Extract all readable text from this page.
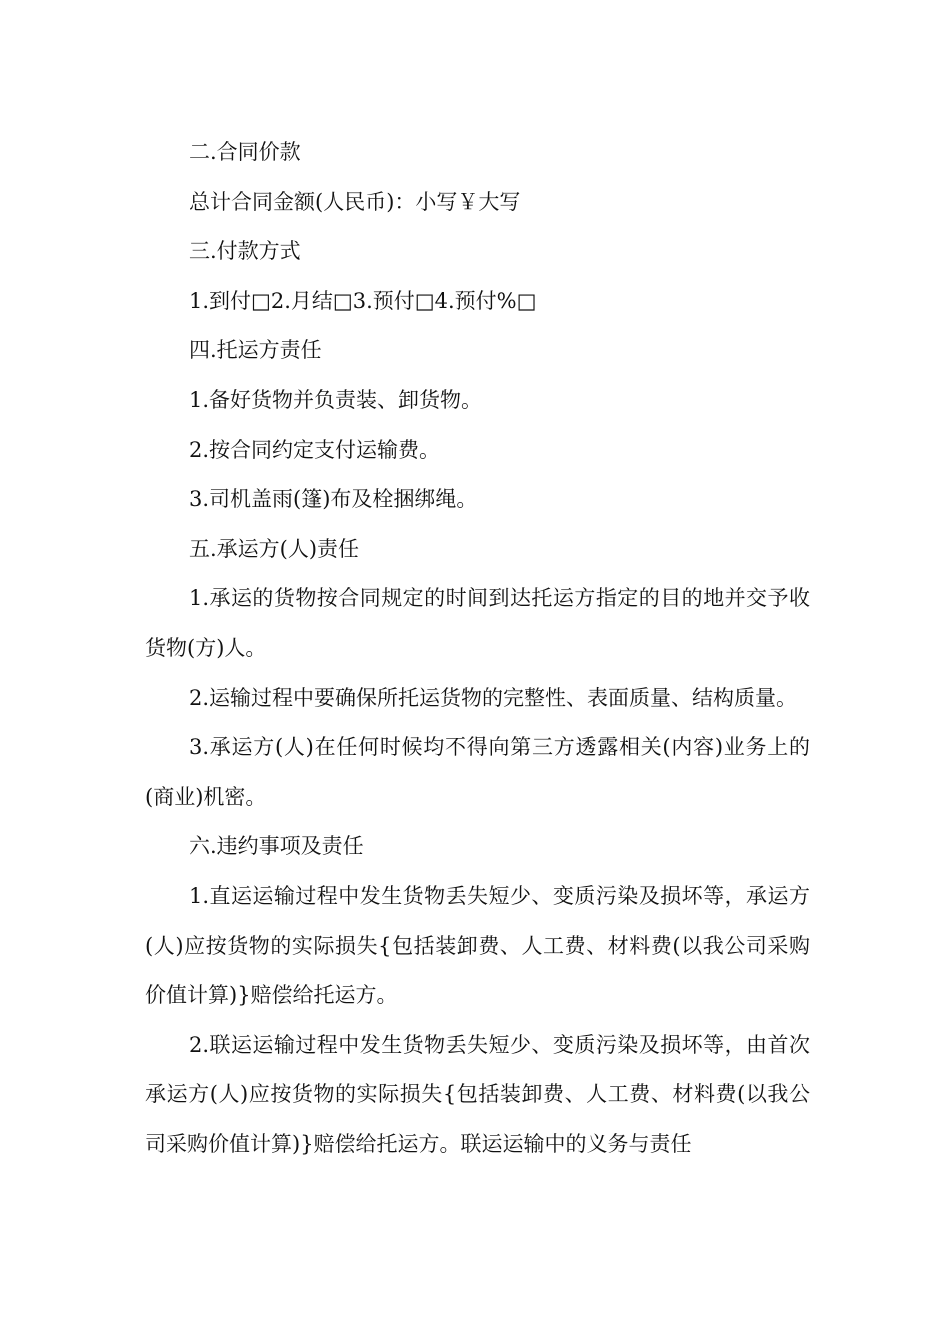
二.合同价款

总计合同金额(人民币)：小写￥大写

三.付款方式

1.到付□2.月结□3.预付□4.预付%□

四.托运方责任

1.备好货物并负责装、卸货物。

2.按合同约定支付运输费。

3.司机盖雨(篷)布及栓捆绑绳。

五.承运方(人)责任

1.承运的货物按合同规定的时间到达托运方指定的目的地并交予收货物(方)人。

2.运输过程中要确保所托运货物的完整性、表面质量、结构质量。

3.承运方(人)在任何时候均不得向第三方透露相关(内容)业务上的(商业)机密。

六.违约事项及责任

1.直运运输过程中发生货物丢失短少、变质污染及损坏等，承运方(人)应按货物的实际损失{包括装卸费、人工费、材料费(以我公司采购价值计算)}赔偿给托运方。

2.联运运输过程中发生货物丢失短少、变质污染及损坏等，由首次承运方(人)应按货物的实际损失{包括装卸费、人工费、材料费(以我公司采购价值计算)}赔偿给托运方。联运运输中的义务与责任
